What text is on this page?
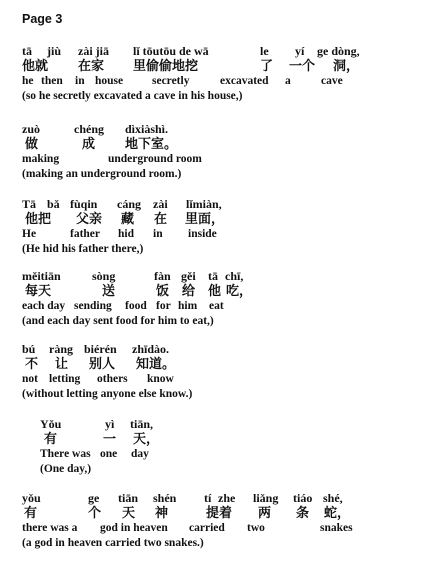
Page 3
tā jiù zài jiā lǐ tōutōu de wā	le yí ge dòng,
他就 在家 里偷偷地挖	了 一个 洞，
he then in house	secretly	excavated a	cave
(so he secretly excavated a cave in his house,)
zuò	chéng dìxiàshì.
做	成 地下室。
making	underground room
(making an underground room.)
Tā bǎ fùqin cáng zài lǐmiàn,
他把 父亲 藏 在 里面，
He	father hid in inside
(He hid his father there,)
měitiān	sòng	fàn gěi tā chī,
每天	送	饭 给 他 吃，
each day sending food for him eat
(and each day sent food for him to eat,)
bú ràng biérén zhīdào.
不 让 别人 知道。
not letting others know
(without letting anyone else know.)
Yǒu	yì tiān,
有	一 天，
There was one day
(One day,)
yǒu	ge tiān shén tí zhe liǎng tiáo shé,
有	个 天 神	提着 两 条 蛇，
there was a god in heaven carried two	snakes
(a god in heaven carried two snakes.)
